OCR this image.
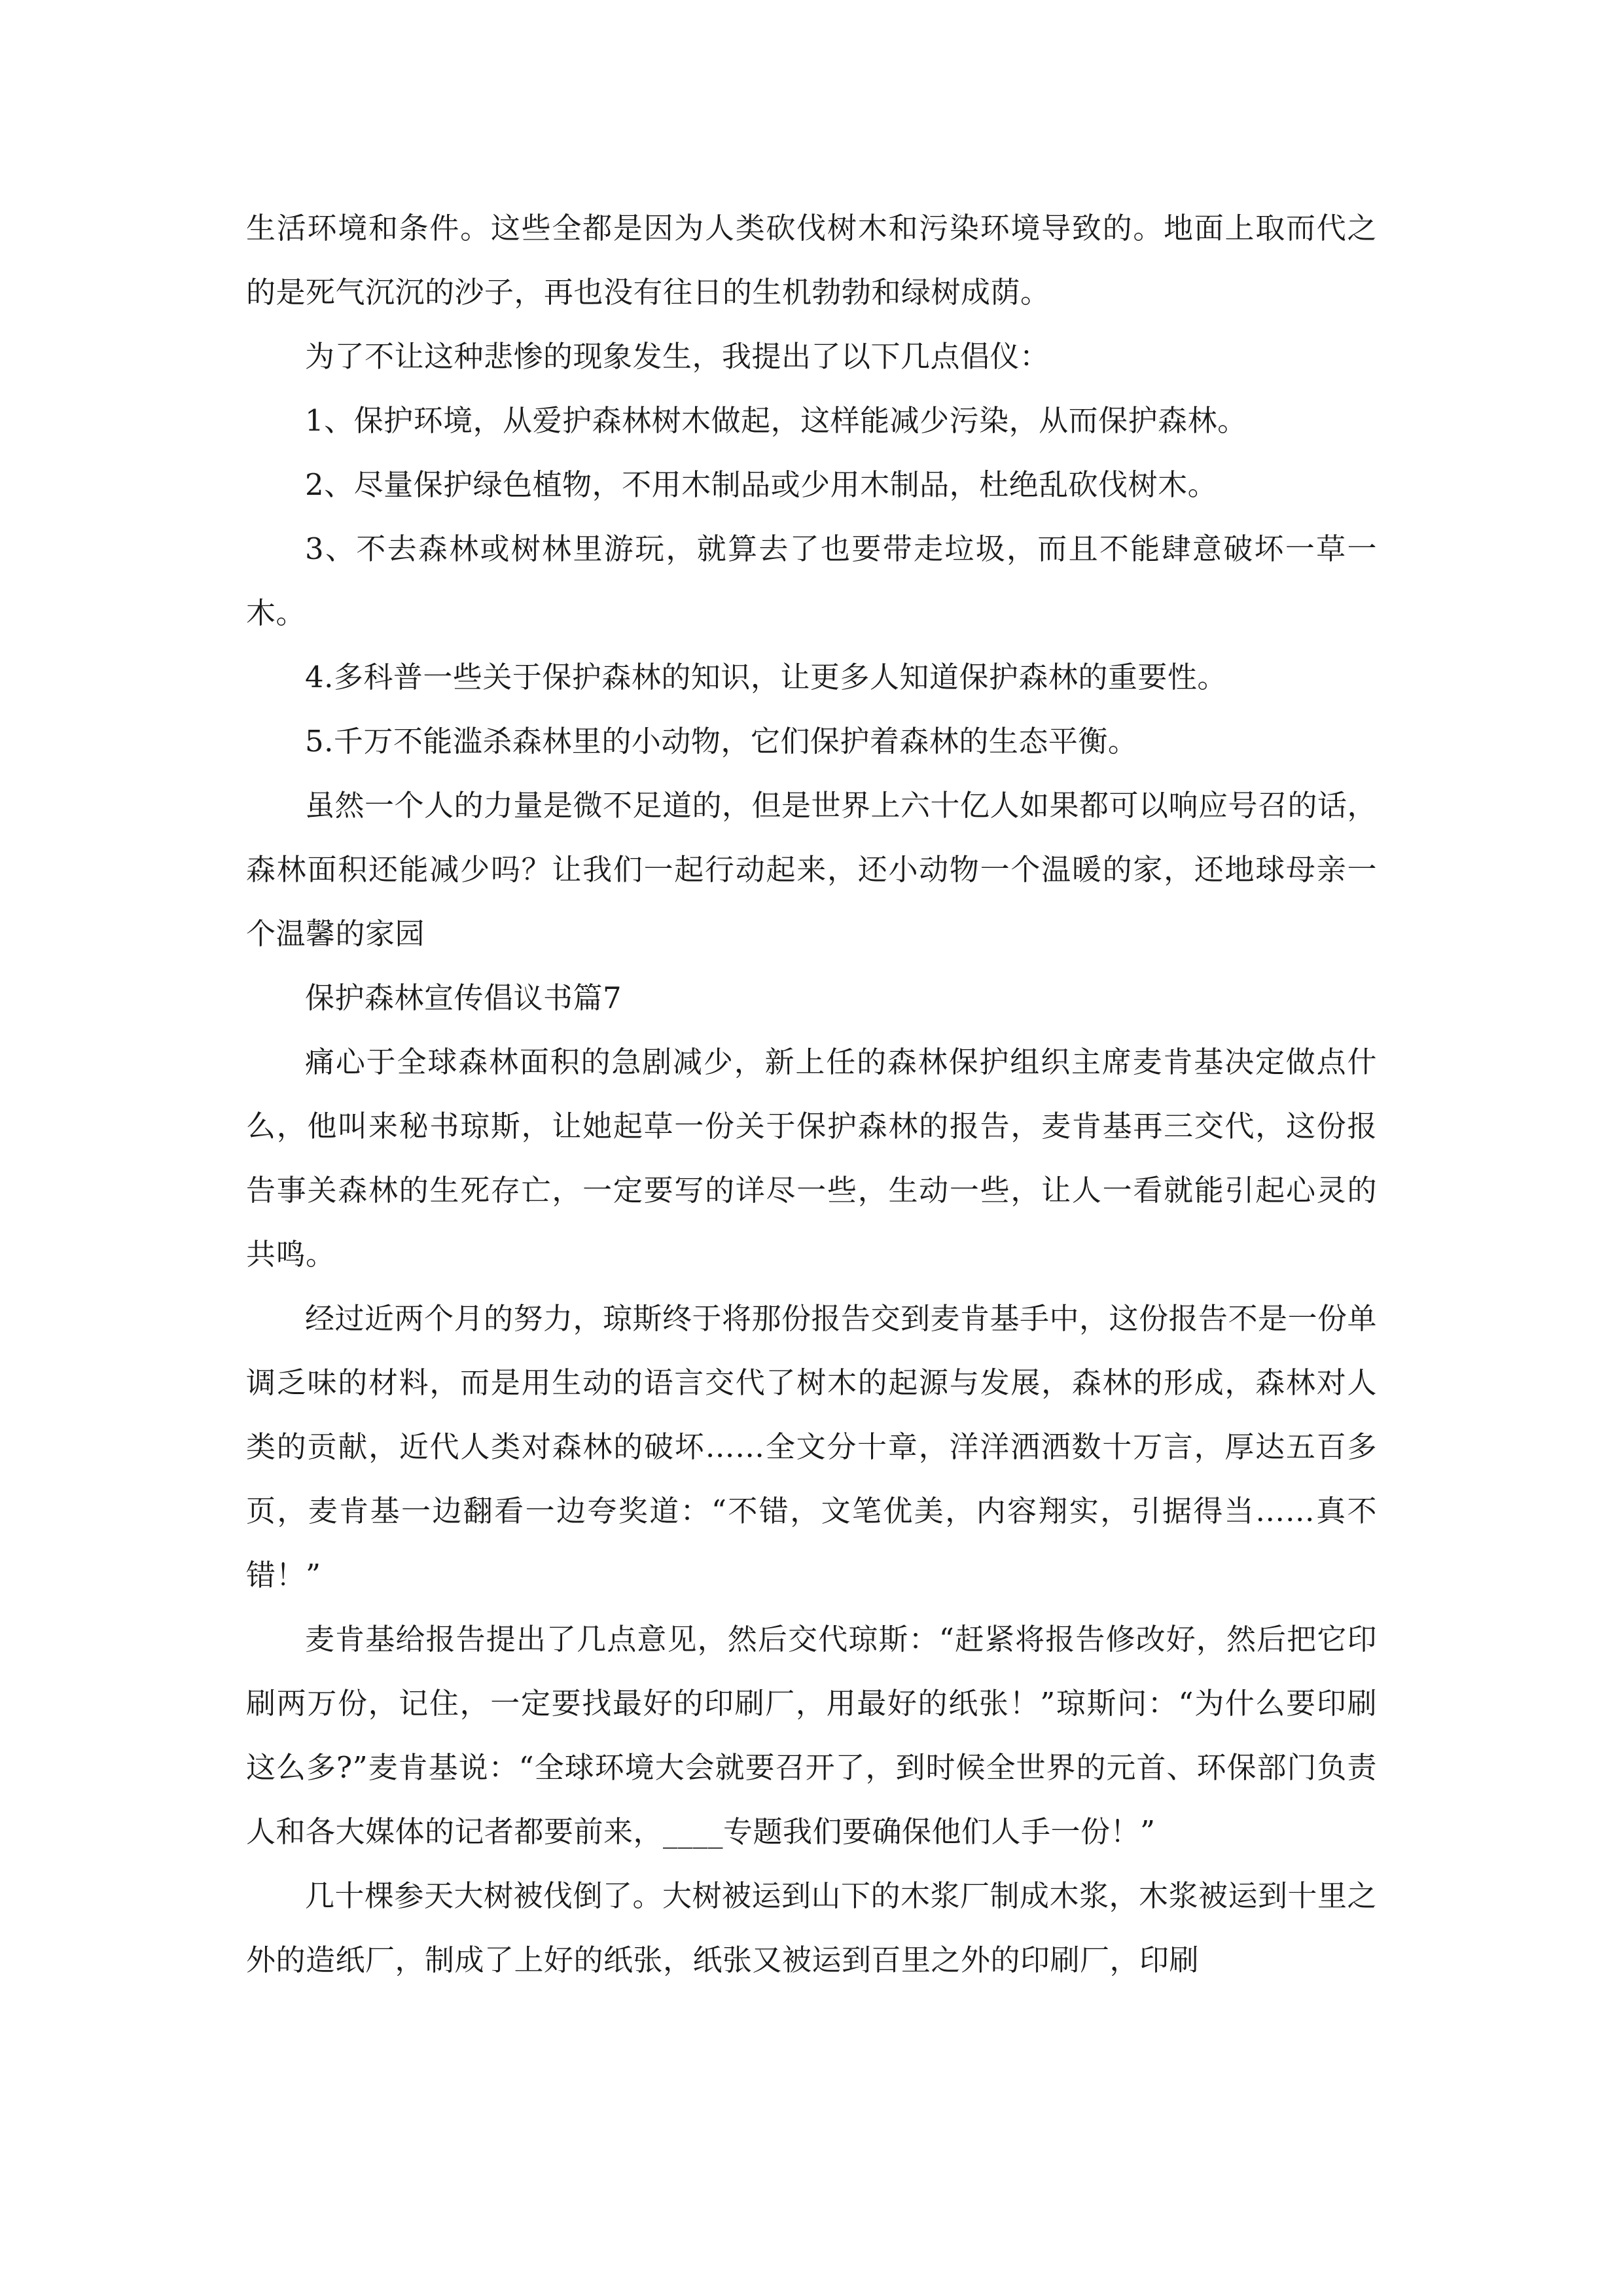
生活环境和条件。这些全都是因为人类砍伐树木和污染环境导致的。地面上取而代之的是死气沉沉的沙子，再也没有往日的生机勃勃和绿树成荫。

为了不让这种悲惨的现象发生，我提出了以下几点倡仪：

1、保护环境，从爱护森林树木做起，这样能减少污染，从而保护森林。

2、尽量保护绿色植物，不用木制品或少用木制品，杜绝乱砍伐树木。

3、不去森林或树林里游玩，就算去了也要带走垃圾，而且不能肆意破坏一草一木。

4.多科普一些关于保护森林的知识，让更多人知道保护森林的重要性。

5.千万不能滥杀森林里的小动物，它们保护着森林的生态平衡。

虽然一个人的力量是微不足道的，但是世界上六十亿人如果都可以响应号召的话，森林面积还能减少吗？让我们一起行动起来，还小动物一个温暖的家，还地球母亲一个温馨的家园

保护森林宣传倡议书篇7

痛心于全球森林面积的急剧减少，新上任的森林保护组织主席麦肯基决定做点什么，他叫来秘书琼斯，让她起草一份关于保护森林的报告，麦肯基再三交代，这份报告事关森林的生死存亡，一定要写的详尽一些，生动一些，让人一看就能引起心灵的共鸣。

经过近两个月的努力，琼斯终于将那份报告交到麦肯基手中，这份报告不是一份单调乏味的材料，而是用生动的语言交代了树木的起源与发展，森林的形成，森林对人类的贡献，近代人类对森林的破坏……全文分十章，洋洋洒洒数十万言，厚达五百多页，麦肯基一边翻看一边夸奖道：“不错，文笔优美，内容翔实，引据得当……真不错！”

麦肯基给报告提出了几点意见，然后交代琼斯：“赶紧将报告修改好，然后把它印刷两万份，记住，一定要找最好的印刷厂，用最好的纸张！”琼斯问：“为什么要印刷这么多?”麦肯基说：“全球环境大会就要召开了，到时候全世界的元首、环保部门负责人和各大媒体的记者都要前来，____专题我们要确保他们人手一份！”

几十棵参天大树被伐倒了。大树被运到山下的木浆厂制成木浆，木浆被运到十里之外的造纸厂，制成了上好的纸张，纸张又被运到百里之外的印刷厂，印刷
